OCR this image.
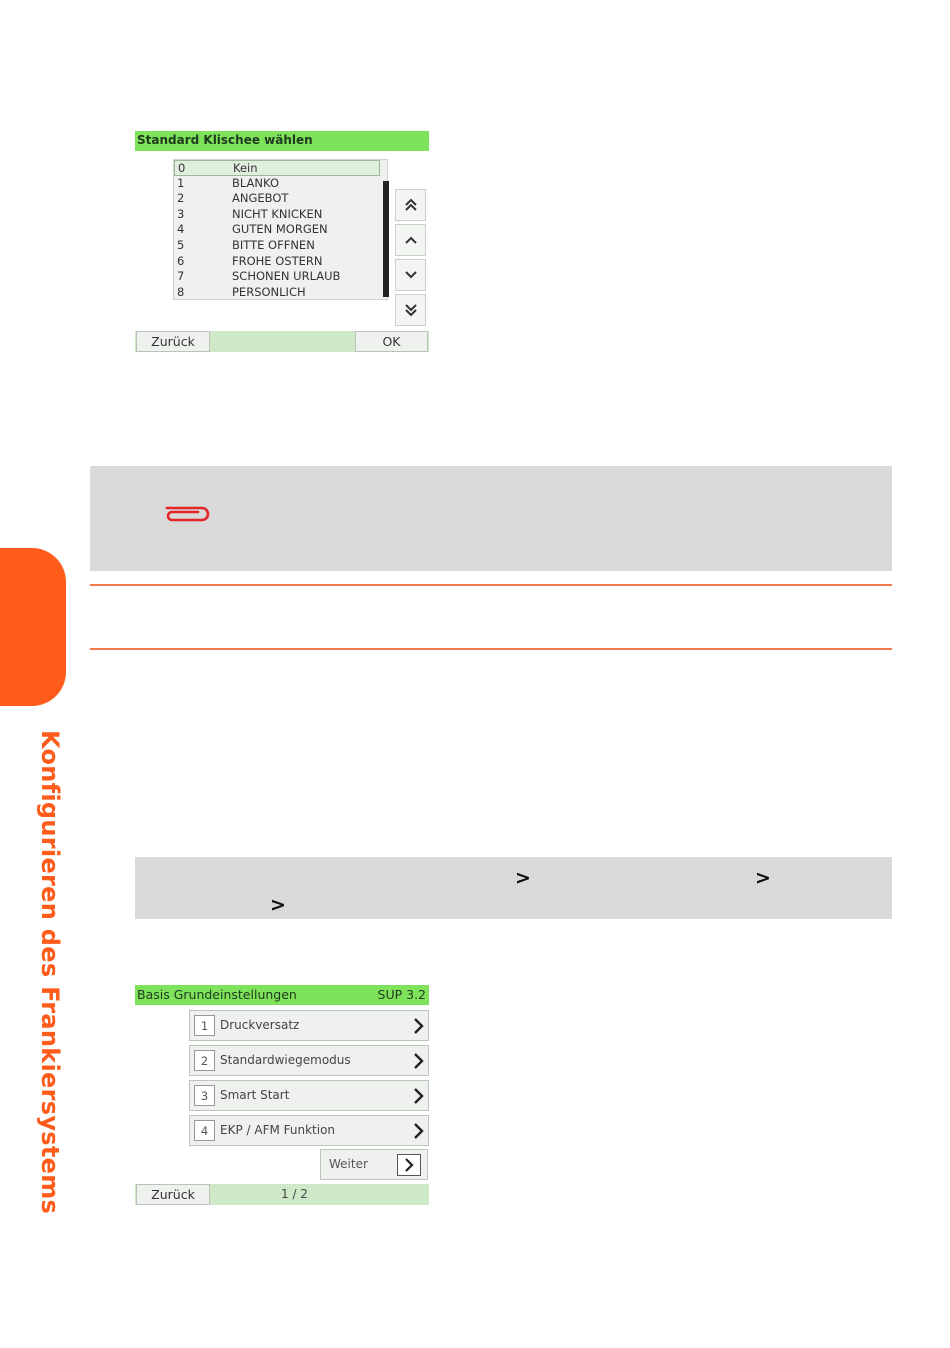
Konfigurieren des Frankiersystems
Standard Klischee wählen
0	Kein
1	BLANKO
2	ANGEBOT
3	NICHT KNICKEN
4	GUTEN MORGEN
5	BITTE OFFNEN
6	FROHE OSTERN
7	SCHONEN URLAUB
8	PERSONLICH
Zurück	OK
>	>
>
Basis Grundeinstellungen	SUP 3.2
1 Druckversatz
2 Standardwiegemodus
3 Smart Start
4 EKP / AFM Funktion
Weiter
Zurück	1 / 2
